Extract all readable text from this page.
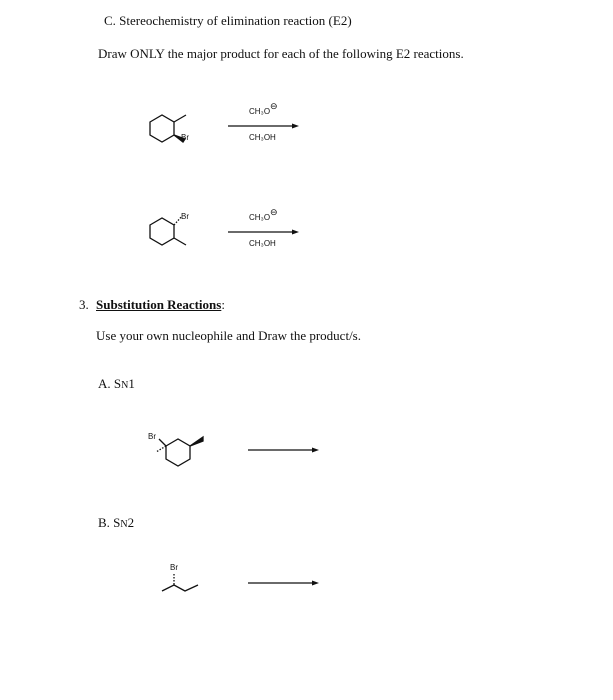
C. Stereochemistry of elimination reaction (E2)
Draw ONLY the major product for each of the following E2 reactions.
Br
CH₃O⊖
CH₃OH
Br	CH₃O⊖
CH₃OH
3. Substitution Reactions:
Use your own nucleophile and Draw the product/s.
A. SN1
Br
B. SN2
Br
